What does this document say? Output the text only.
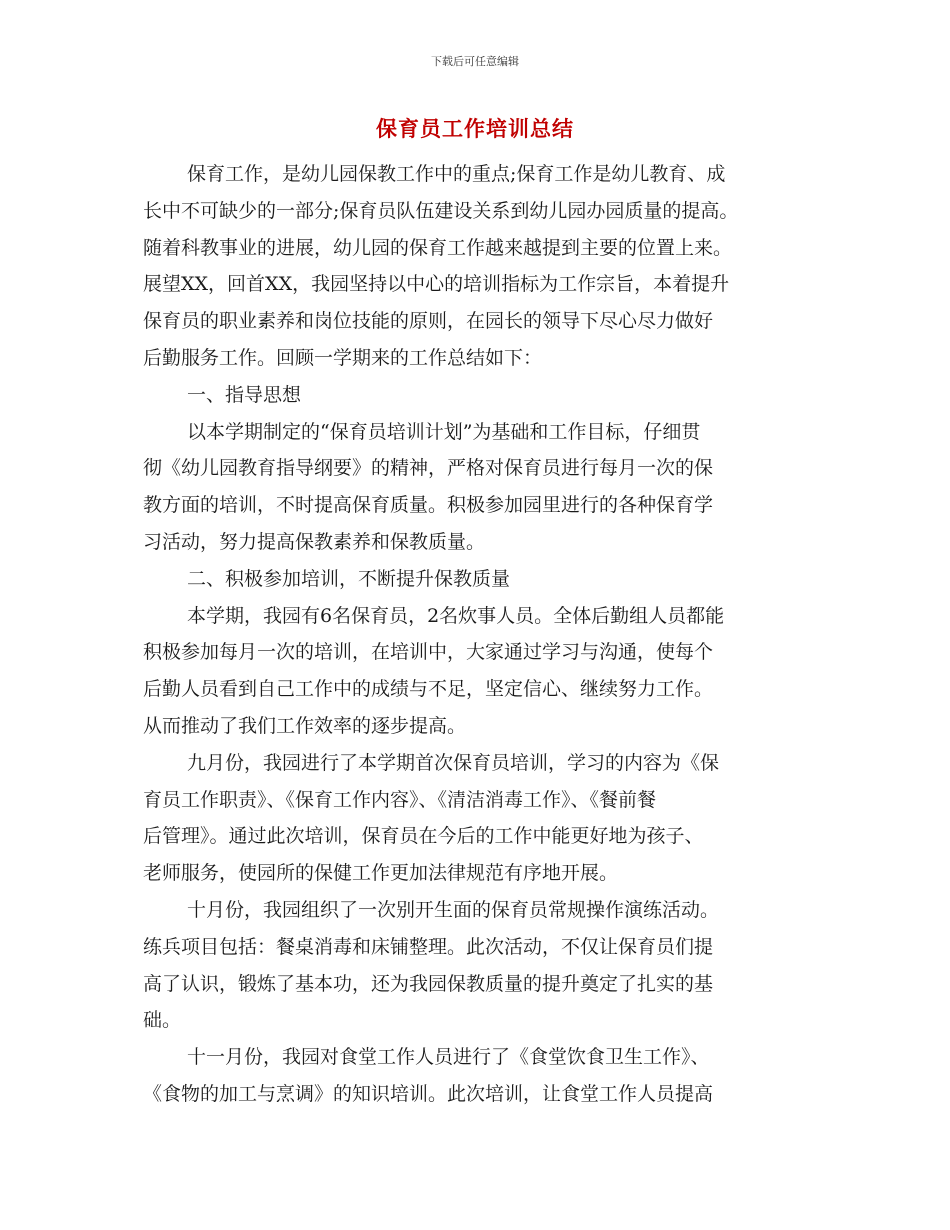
下载后可任意编辑
保育员工作培训总结
保育工作，是幼儿园保教工作中的重点;保育工作是幼儿教育、成
长中不可缺少的一部分;保育员队伍建设关系到幼儿园办园质量的提高。
随着科教事业的进展，幼儿园的保育工作越来越提到主要的位置上来。
展望XX，回首XX，我园坚持以中心的培训指标为工作宗旨，本着提升
保育员的职业素养和岗位技能的原则，在园长的领导下尽心尽力做好
后勤服务工作。回顾一学期来的工作总结如下：
一、指导思想
以本学期制定的“保育员培训计划”为基础和工作目标，仔细贯
彻《幼儿园教育指导纲要》的精神，严格对保育员进行每月一次的保
教方面的培训，不时提高保育质量。积极参加园里进行的各种保育学
习活动，努力提高保教素养和保教质量。
二、积极参加培训，不断提升保教质量
本学期，我园有6名保育员，2名炊事人员。全体后勤组人员都能
积极参加每月一次的培训，在培训中，大家通过学习与沟通，使每个
后勤人员看到自己工作中的成绩与不足，坚定信心、继续努力工作。
从而推动了我们工作效率的逐步提高。
九月份，我园进行了本学期首次保育员培训，学习的内容为《保
育员工作职责》、《保育工作内容》、《清洁消毒工作》、《餐前餐
后管理》。通过此次培训，保育员在今后的工作中能更好地为孩子、
老师服务，使园所的保健工作更加法律规范有序地开展。
十月份，我园组织了一次别开生面的保育员常规操作演练活动。
练兵项目包括：餐桌消毒和床铺整理。此次活动，不仅让保育员们提
高了认识，锻炼了基本功，还为我园保教质量的提升奠定了扎实的基
础。
十一月份，我园对食堂工作人员进行了《食堂饮食卫生工作》、
《食物的加工与烹调》的知识培训。此次培训，让食堂工作人员提高
